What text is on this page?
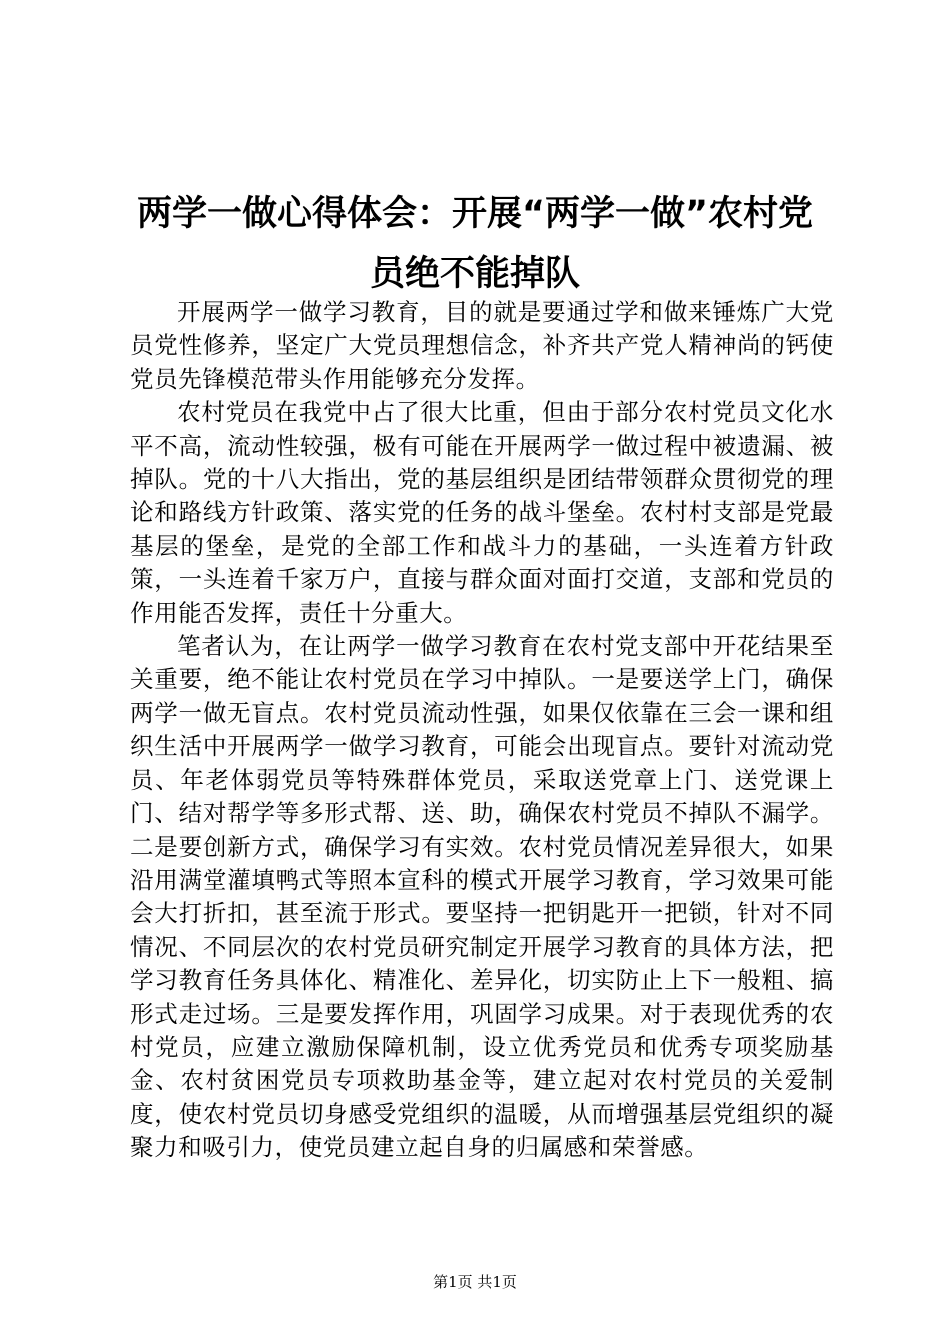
两学一做心得体会：开展“两学一做”农村党员绝不能掉队

开展两学一做学习教育，目的就是要通过学和做来锤炼广大党员党性修养，坚定广大党员理想信念，补齐共产党人精神尚的钙使党员先锋模范带头作用能够充分发挥。

农村党员在我党中占了很大比重，但由于部分农村党员文化水平不高，流动性较强，极有可能在开展两学一做过程中被遗漏、被掉队。党的十八大指出，党的基层组织是团结带领群众贯彻党的理论和路线方针政策、落实党的任务的战斗堡垒。农村村支部是党最基层的堡垒，是党的全部工作和战斗力的基础，一头连着方针政策，一头连着千家万户，直接与群众面对面打交道，支部和党员的作用能否发挥，责任十分重大。

笔者认为，在让两学一做学习教育在农村党支部中开花结果至关重要，绝不能让农村党员在学习中掉队。一是要送学上门，确保两学一做无盲点。农村党员流动性强，如果仅依靠在三会一课和组织生活中开展两学一做学习教育，可能会出现盲点。要针对流动党员、年老体弱党员等特殊群体党员，采取送党章上门、送党课上门、结对帮学等多形式帮、送、助，确保农村党员不掉队不漏学。二是要创新方式，确保学习有实效。农村党员情况差异很大，如果沿用满堂灌填鸭式等照本宣科的模式开展学习教育，学习效果可能会大打折扣，甚至流于形式。要坚持一把钥匙开一把锁，针对不同情况、不同层次的农村党员研究制定开展学习教育的具体方法，把学习教育任务具体化、精准化、差异化，切实防止上下一般粗、搞形式走过场。三是要发挥作用，巩固学习成果。对于表现优秀的农村党员，应建立激励保障机制，设立优秀党员和优秀专项奖励基金、农村贫困党员专项救助基金等，建立起对农村党员的关爱制度，使农村党员切身感受党组织的温暖，从而增强基层党组织的凝聚力和吸引力，使党员建立起自身的归属感和荣誉感。

第1页 共1页
